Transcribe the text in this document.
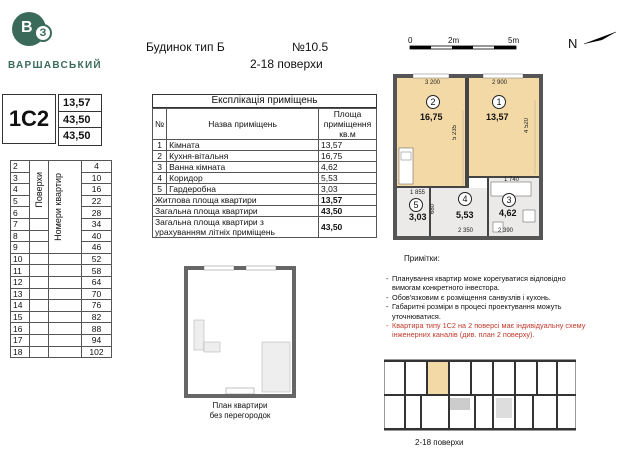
В З
ВАРШАВСЬКИЙ
Будинок тип Б	№10.5
2-18 поверхи
1С2
13,57
43,50
43,50
Експлікація приміщень
№	Назва приміщень	Площа приміщення кв.м
1	Кімната	13,57
2	Кухня-вітальня	16,75
3	Ванна кімната	4,62
4	Коридор	5,53
5	Гардеробна	3,03
Житлова площа квартири		13,57
Загальна площа квартири		43,50
Загальна площа квартири з урахуванням літніх приміщень		43,50
2	Поверхи	Номери квартир	4
3			10
4			16
5			22
6			28
7			34
8			40
9			46
10			52
11			58
12			64
13			70
14			76
15			82
16			88
17			94
18			102
0	2m	5m	N
2
16,75
1
13,57
5
3,03
4
5,53
3
4,62
3 200	2 900
5 235	4 520
1 740
1 855
2 350
680
2 390
План квартири
без перегородок
Примітки:
- Планування квартир може корегуватися відповідно вимогам конкретного інвестора.
- Обов'язковим є розміщення санвузлів і кухонь.
- Габаритні розміри в процесі проектування можуть уточнюватися.
- Квартира типу 1С2 на 2 поверсі має індивідуальну схему інженерних каналів (див. план 2 поверху).
2-18 поверхи
